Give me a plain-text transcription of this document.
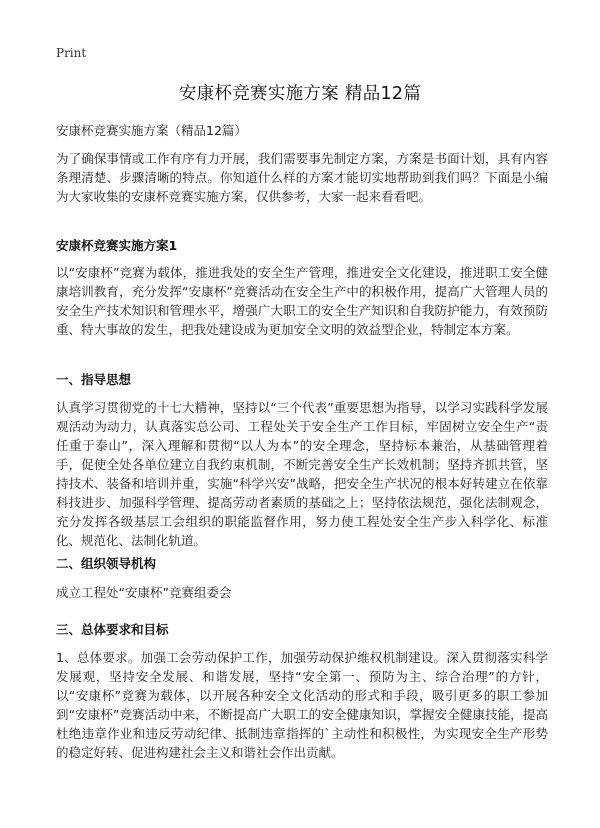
Print
安康杯竞赛实施方案 精品12篇
安康杯竞赛实施方案（精品12篇）

为了确保事情或工作有序有力开展，我们需要事先制定方案，方案是书面计划，具有内容条理清楚、步骤清晰的特点。你知道什么样的方案才能切实地帮助到我们吗？下面是小编为大家收集的安康杯竞赛实施方案，仅供参考，大家一起来看看吧。

安康杯竞赛实施方案1

以“安康杯”竞赛为载体，推进我处的安全生产管理，推进安全文化建设，推进职工安全健康培训教育，充分发挥“安康杯”竞赛活动在安全生产中的积极作用，提高广大管理人员的安全生产技术知识和管理水平，增强广大职工的安全生产知识和自我防护能力，有效预防重、特大事故的发生，把我处建设成为更加安全文明的效益型企业，特制定本方案。

一、指导思想

认真学习贯彻党的十七大精神，坚持以“三个代表”重要思想为指导，以学习实践科学发展观活动为动力，认真落实总公司、工程处关于安全生产工作目标，牢固树立安全生产“责任重于泰山”，深入理解和贯彻“以人为本”的安全理念，坚持标本兼治，从基础管理着手，促使全处各单位建立自我约束机制，不断完善安全生产长效机制；坚持齐抓共管，坚持技术、装备和培训并重，实施“科学兴安”战略，把安全生产状况的根本好转建立在依靠科技进步、加强科学管理、提高劳动者素质的基础之上；坚持依法规范，强化法制观念，充分发挥各级基层工会组织的职能监督作用，努力使工程处安全生产步入科学化、标准化、规范化、法制化轨道。

二、组织领导机构

成立工程处“安康杯”竞赛组委会

三、总体要求和目标

1、总体要求。加强工会劳动保护工作，加强劳动保护维权机制建设。深入贯彻落实科学发展观，坚持安全发展、和谐发展，坚持“安全第一、预防为主、综合治理”的方针，以“安康杯”竞赛为载体，以开展各种安全文化活动的形式和手段，吸引更多的职工参加到“安康杯”竞赛活动中来，不断提高广大职工的安全健康知识，掌握安全健康技能，提高杜绝违章作业和违反劳动纪律、抵制违章指挥的`主动性和积极性，为实现安全生产形势的稳定好转、促进构建社会主义和谐社会作出贡献。
